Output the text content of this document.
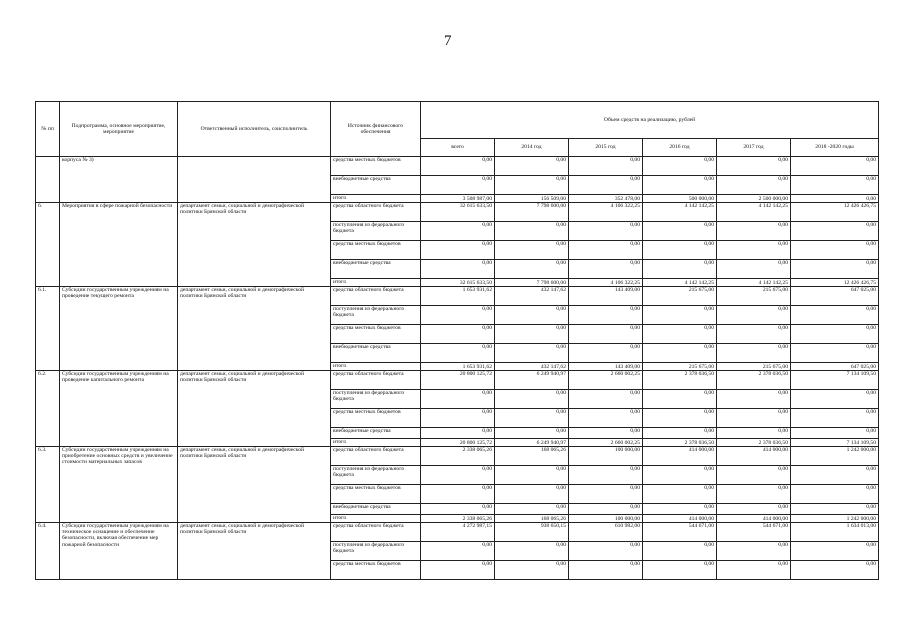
7
№ пп	Подпрограмма, основное мероприятие, мероприятие	Ответственный исполнитель, соисполнитель	Источник финансового обеспечения	Объем средств на реализацию, рублей					
				всего	2014 год	2015 год	2016 год	2017 год	2018 -2020 годы
	корпуса № 3)		средства местных бюджетов	0,00	0,00	0,00	0,00	0,00	0,00
			внебюджетные средства	0,00	0,00	0,00	0,00	0,00	0,00
			итого	3 508 987,00	156 509,00	352 478,00	500 000,00	2 500 000,00	0,00
6.	Мероприятия в сфере пожарной безопасности	департамент семьи, социальной и демографической политики Брянской области	средства областного бюджета	32 615 633,50	7 798 600,00	4 106 322,25	4 142 142,25	4 142 142,25	12 426 426,75
			поступления из федерального бюджета	0,00	0,00	0,00	0,00	0,00	0,00
			средства местных бюджетов	0,00	0,00	0,00	0,00	0,00	0,00
			внебюджетные средства	0,00	0,00	0,00	0,00	0,00	0,00
			итого	32 615 633,50	7 798 600,00	4 106 322,25	4 142 142,25	4 142 142,25	12 426 426,75
6.1.	Субсидии государственным учреждениям на проведение текущего ремонта	департамент семьи, социальной и демографической политики Брянской области	средства областного бюджета	1 653 931,62	432 147,62	143 409,00	215 675,00	215 675,00	647 025,00
			поступления из федерального бюджета	0,00	0,00	0,00	0,00	0,00	0,00
			средства местных бюджетов	0,00	0,00	0,00	0,00	0,00	0,00
			внебюджетные средства	0,00	0,00	0,00	0,00	0,00	0,00
			итого	1 653 931,62	432 147,62	143 409,00	215 675,00	215 675,00	647 025,00
6.2.	Субсидии государственным учреждениям на проведение капитального ремонта	департамент семьи, социальной и демографической политики Брянской области	средства областного бюджета	20 800 125,72	6 249 940,97	2 660 002,25	2 378 036,50	2 378 036,50	7 134 109,50
			поступления из федерального бюджета	0,00	0,00	0,00	0,00	0,00	0,00
			средства местных бюджетов	0,00	0,00	0,00	0,00	0,00	0,00
			внебюджетные средства	0,00	0,00	0,00	0,00	0,00	0,00
			итого	20 800 125,72	6 249 940,97	2 660 002,25	2 378 036,50	2 378 036,50	7 134 109,50
6.3.	Субсидии государственным учреждениям на приобретение основных средств и увеличение стоимости материальных запасов	департамент семьи, социальной и демографической политики Брянской области	средства областного бюджета	2 338 065,26	168 065,26	100 000,00	414 000,00	414 000,00	1 242 000,00
			поступления из федерального бюджета	0,00	0,00	0,00	0,00	0,00	0,00
			средства местных бюджетов	0,00	0,00	0,00	0,00	0,00	0,00
			внебюджетные средства	0,00	0,00	0,00	0,00	0,00	0,00
			итого	2 338 065,26	168 065,26	100 000,00	414 000,00	414 000,00	1 242 000,00
6.4.	Субсидии государственным учреждениям на техническое оснащение и обеспечение безопасности, включая обеспечение мер пожарной безопасности	департамент семьи, социальной и демографической политики Брянской области	средства областного бюджета	4 272 987,15	938 650,15	610 982,00	544 671,00	544 671,00	1 634 013,00
			поступления из федерального бюджета	0,00	0,00	0,00	0,00	0,00	0,00
			средства местных бюджетов	0,00	0,00	0,00	0,00	0,00	0,00
